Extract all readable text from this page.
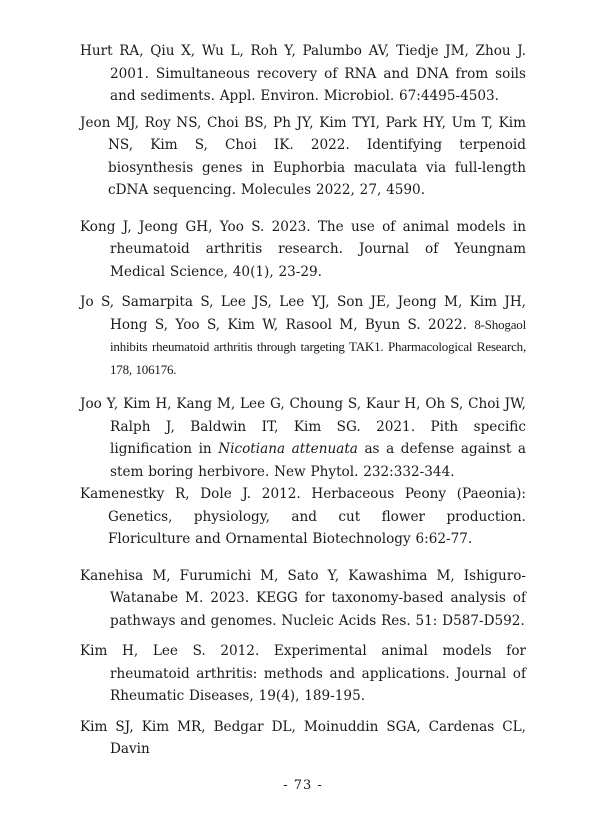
Hurt RA, Qiu X, Wu L, Roh Y, Palumbo AV, Tiedje JM, Zhou J. 2001. Simultaneous recovery of RNA and DNA from soils and sediments. Appl. Environ. Microbiol. 67:4495-4503.

Jeon MJ, Roy NS, Choi BS, Ph JY, Kim TYI, Park HY, Um T, Kim NS, Kim S, Choi IK. 2022. Identifying terpenoid biosynthesis genes in Euphorbia maculata via full-length cDNA sequencing. Molecules 2022, 27, 4590.

Kong J, Jeong GH, Yoo S. 2023. The use of animal models in rheumatoid arthritis research. Journal of Yeungnam Medical Science, 40(1), 23-29.

Jo S, Samarpita S, Lee JS, Lee YJ, Son JE, Jeong M, Kim JH, Hong S, Yoo S, Kim W, Rasool M, Byun S. 2022. 8-Shogaol inhibits rheumatoid arthritis through targeting TAK1. Pharmacological Research, 178, 106176.

Joo Y, Kim H, Kang M, Lee G, Choung S, Kaur H, Oh S, Choi JW, Ralph J, Baldwin IT, Kim SG. 2021. Pith specific lignification in Nicotiana attenuata as a defense against a stem boring herbivore. New Phytol. 232:332-344.

Kamenestky R, Dole J. 2012. Herbaceous Peony (Paeonia): Genetics, physiology, and cut flower production. Floriculture and Ornamental Biotechnology 6:62-77.

Kanehisa M, Furumichi M, Sato Y, Kawashima M, Ishiguro-Watanabe M. 2023. KEGG for taxonomy-based analysis of pathways and genomes. Nucleic Acids Res. 51: D587-D592.

Kim H, Lee S. 2012. Experimental animal models for rheumatoid arthritis: methods and applications. Journal of Rheumatic Diseases, 19(4), 189-195.

Kim SJ, Kim MR, Bedgar DL, Moinuddin SGA, Cardenas CL, Davin

- 73 -
